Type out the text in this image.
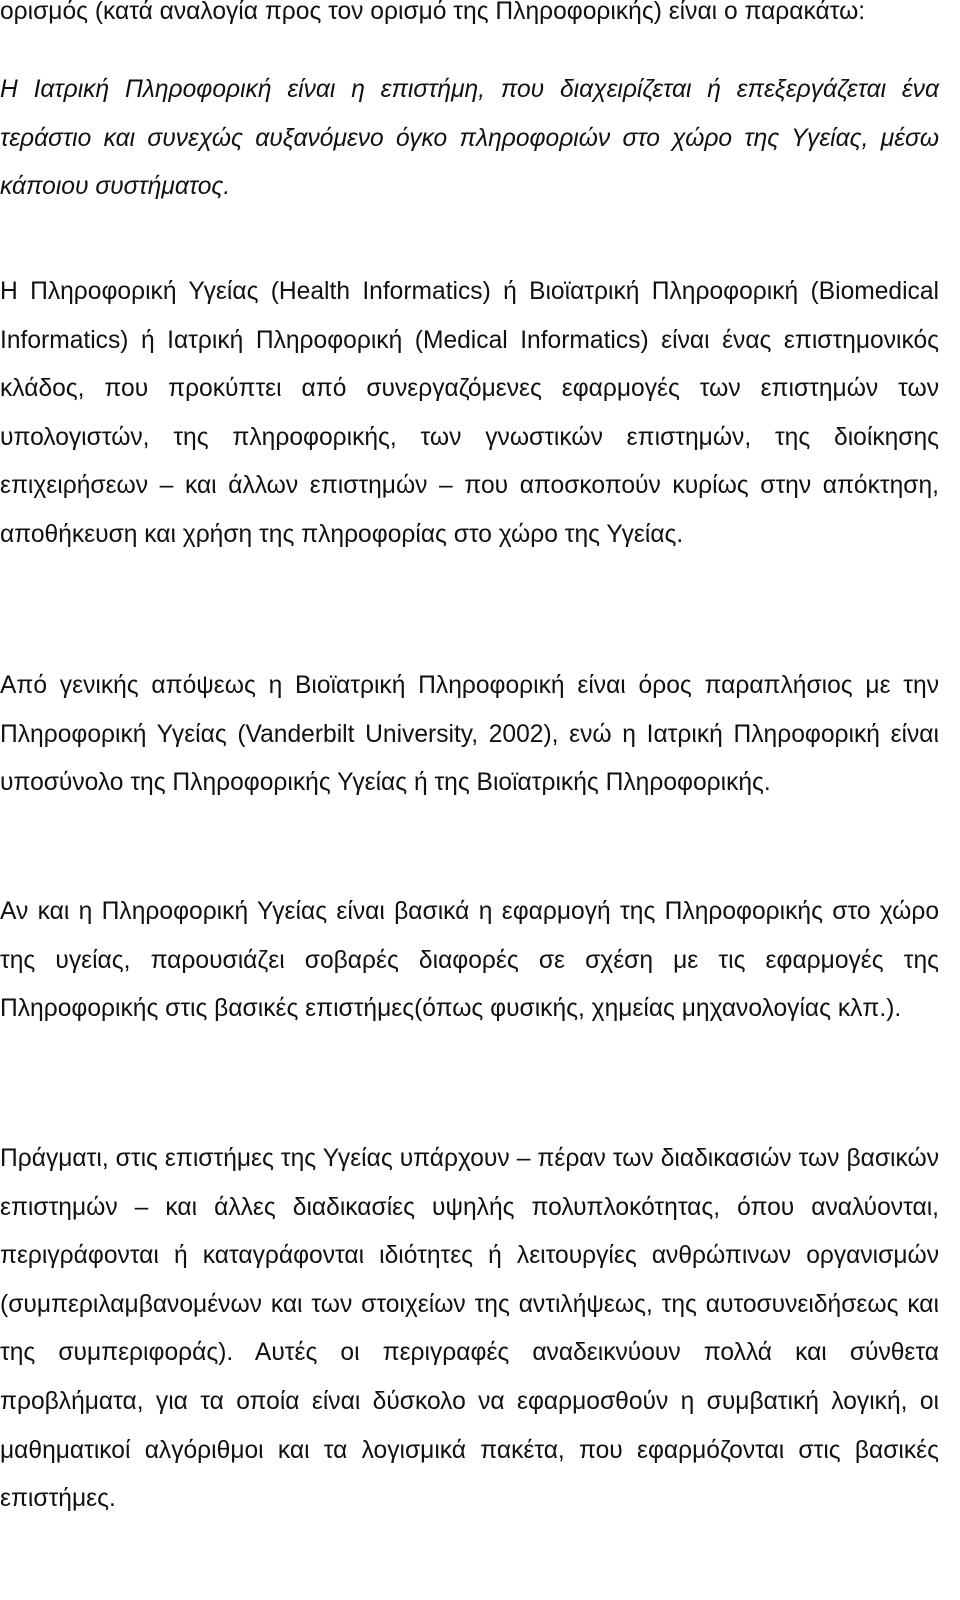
ορισμός (κατά αναλογία προς τον ορισμό της Πληροφορικής) είναι ο παρακάτω:

Η Ιατρική Πληροφορική είναι η επιστήμη, που διαχειρίζεται ή επεξεργάζεται ένα τεράστιο και συνεχώς αυξανόμενο όγκο πληροφοριών στο χώρο της Υγείας, μέσω κάποιου συστήματος.

Η Πληροφορική Υγείας (Health Informatics) ή Βιοϊατρική Πληροφορική (Biomedical Informatics) ή Ιατρική Πληροφορική (Medical Informatics) είναι ένας επιστημονικός κλάδος, που προκύπτει από συνεργαζόμενες εφαρμογές των επιστημών των υπολογιστών, της πληροφορικής, των γνωστικών επιστημών, της διοίκησης επιχειρήσεων – και άλλων επιστημών – που αποσκοπούν κυρίως στην απόκτηση, αποθήκευση και χρήση της πληροφορίας στο χώρο της Υγείας.

Από γενικής απόψεως η Βιοϊατρική Πληροφορική είναι όρος παραπλήσιος με την Πληροφορική Υγείας (Vanderbilt University, 2002), ενώ η Ιατρική Πληροφορική είναι υποσύνολο της Πληροφορικής Υγείας ή της Βιοϊατρικής Πληροφορικής.

Αν και η Πληροφορική Υγείας είναι βασικά η εφαρμογή της Πληροφορικής στο χώρο της υγείας, παρουσιάζει σοβαρές διαφορές σε σχέση με τις εφαρμογές της Πληροφορικής στις βασικές επιστήμες(όπως φυσικής, χημείας μηχανολογίας κλπ.).

Πράγματι, στις επιστήμες της Υγείας υπάρχουν – πέραν των διαδικασιών των βασικών επιστημών – και άλλες διαδικασίες υψηλής πολυπλοκότητας, όπου αναλύονται, περιγράφονται ή καταγράφονται ιδιότητες ή λειτουργίες ανθρώπινων οργανισμών (συμπεριλαμβανομένων και των στοιχείων της αντιλήψεως, της αυτοσυνειδήσεως και της συμπεριφοράς). Αυτές οι περιγραφές αναδεικνύουν πολλά και σύνθετα προβλήματα, για τα οποία είναι δύσκολο να εφαρμοσθούν η συμβατική λογική, οι μαθηματικοί αλγόριθμοι και τα λογισμικά πακέτα, που εφαρμόζονται στις βασικές επιστήμες.
